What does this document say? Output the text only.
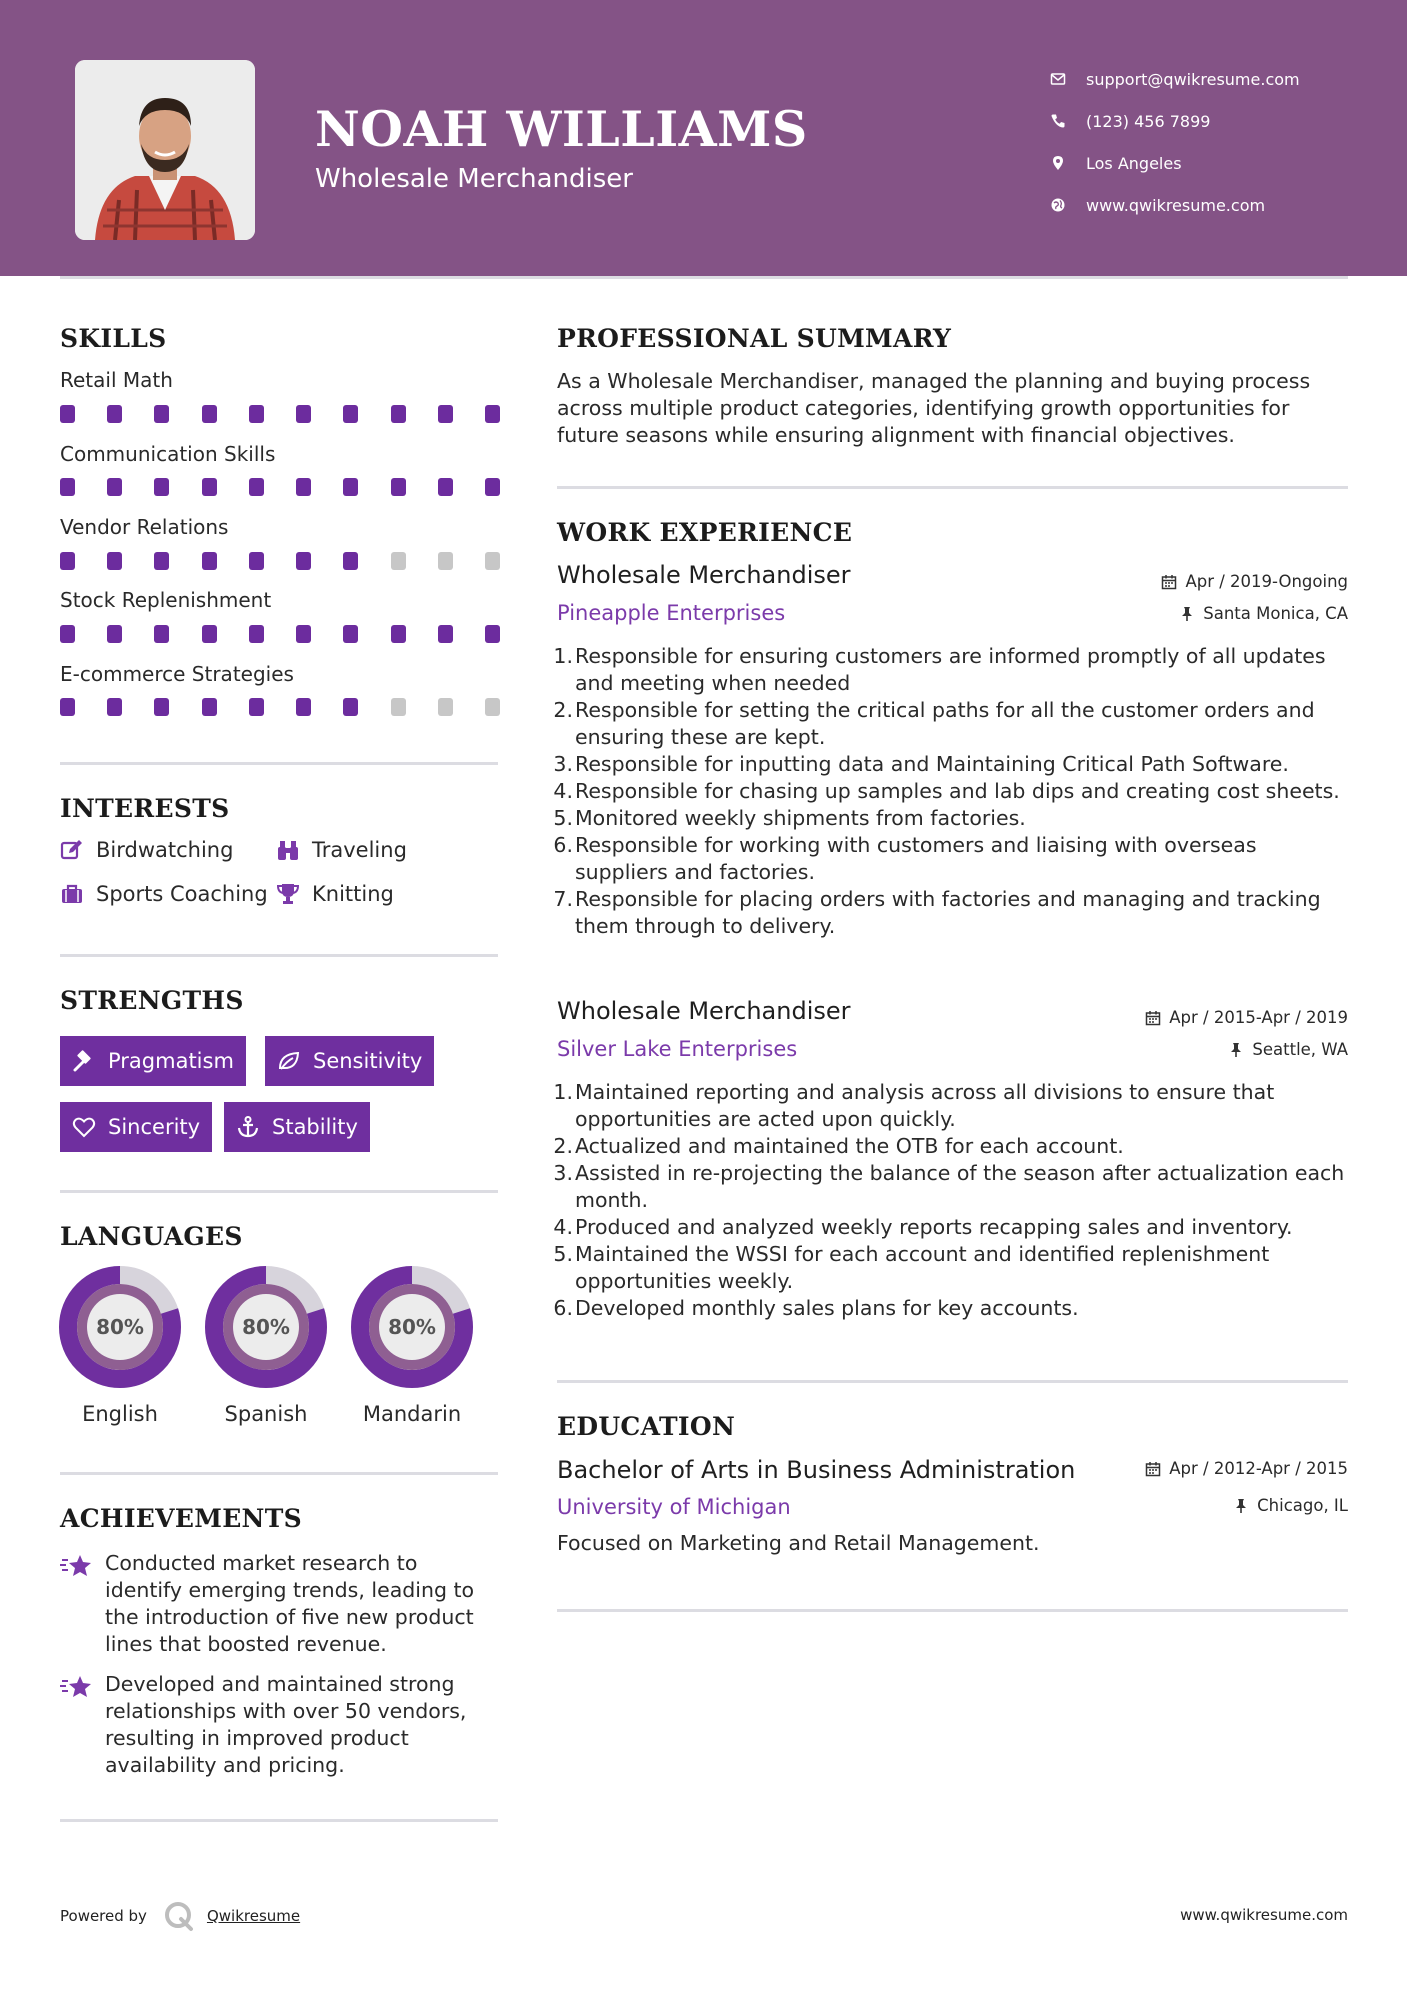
NOAH WILLIAMS
Wholesale Merchandiser
support@qwikresume.com
(123) 456 7899
Los Angeles
www.qwikresume.com
SKILLS
Retail Math
Communication Skills
Vendor Relations
Stock Replenishment
E-commerce Strategies
INTERESTS
Birdwatching	Traveling
Sports Coaching Knitting
STRENGTHS
Pragmatism	Sensitivity
Sincerity	Stability
LANGUAGES
80%	80%	80%
English	Spanish	Mandarin
ACHIEVEMENTS
Conducted market research to identify emerging trends, leading to the introduction of five new product lines that boosted revenue.
Developed and maintained strong relationships with over 50 vendors, resulting in improved product availability and pricing.
PROFESSIONAL SUMMARY
As a Wholesale Merchandiser, managed the planning and buying process across multiple product categories, identifying growth opportunities for future seasons while ensuring alignment with financial objectives.
WORK EXPERIENCE
Wholesale Merchandiser	Apr / 2019-Ongoing
Pineapple Enterprises	Santa Monica, CA
Responsible for ensuring customers are informed promptly of all updates and meeting when needed
Responsible for setting the critical paths for all the customer orders and ensuring these are kept.
Responsible for inputting data and Maintaining Critical Path Software.
Responsible for chasing up samples and lab dips and creating cost sheets.
Monitored weekly shipments from factories.
Responsible for working with customers and liaising with overseas suppliers and factories.
Responsible for placing orders with factories and managing and tracking them through to delivery.
Wholesale Merchandiser	Apr / 2015-Apr / 2019
Silver Lake Enterprises	Seattle, WA
Maintained reporting and analysis across all divisions to ensure that opportunities are acted upon quickly.
Actualized and maintained the OTB for each account.
Assisted in re-projecting the balance of the season after actualization each month.
Produced and analyzed weekly reports recapping sales and inventory.
Maintained the WSSI for each account and identified replenishment opportunities weekly.
Developed monthly sales plans for key accounts.
EDUCATION
Bachelor of Arts in Business Administration	Apr / 2012-Apr / 2015
University of Michigan	Chicago, IL
Focused on Marketing and Retail Management.
Powered by	Qwikresume	www.qwikresume.com
